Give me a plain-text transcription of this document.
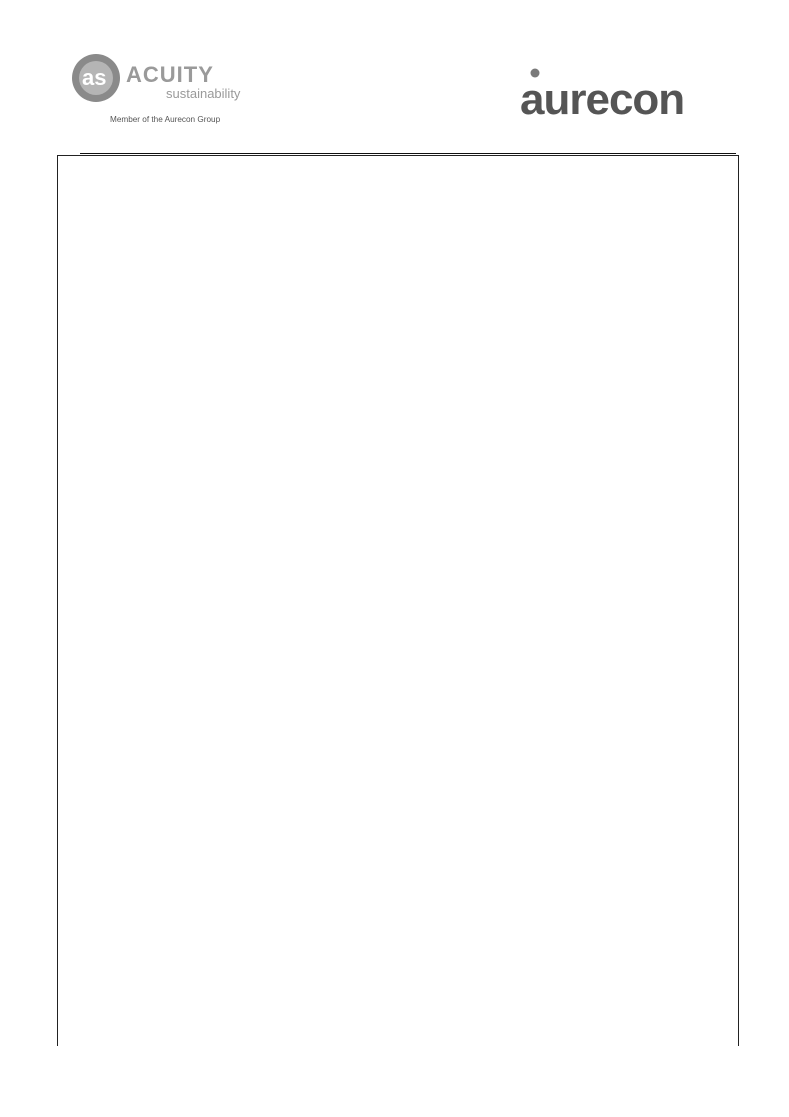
as ACUITY
sustainability
Member of the Aurecon Group	aurecon
